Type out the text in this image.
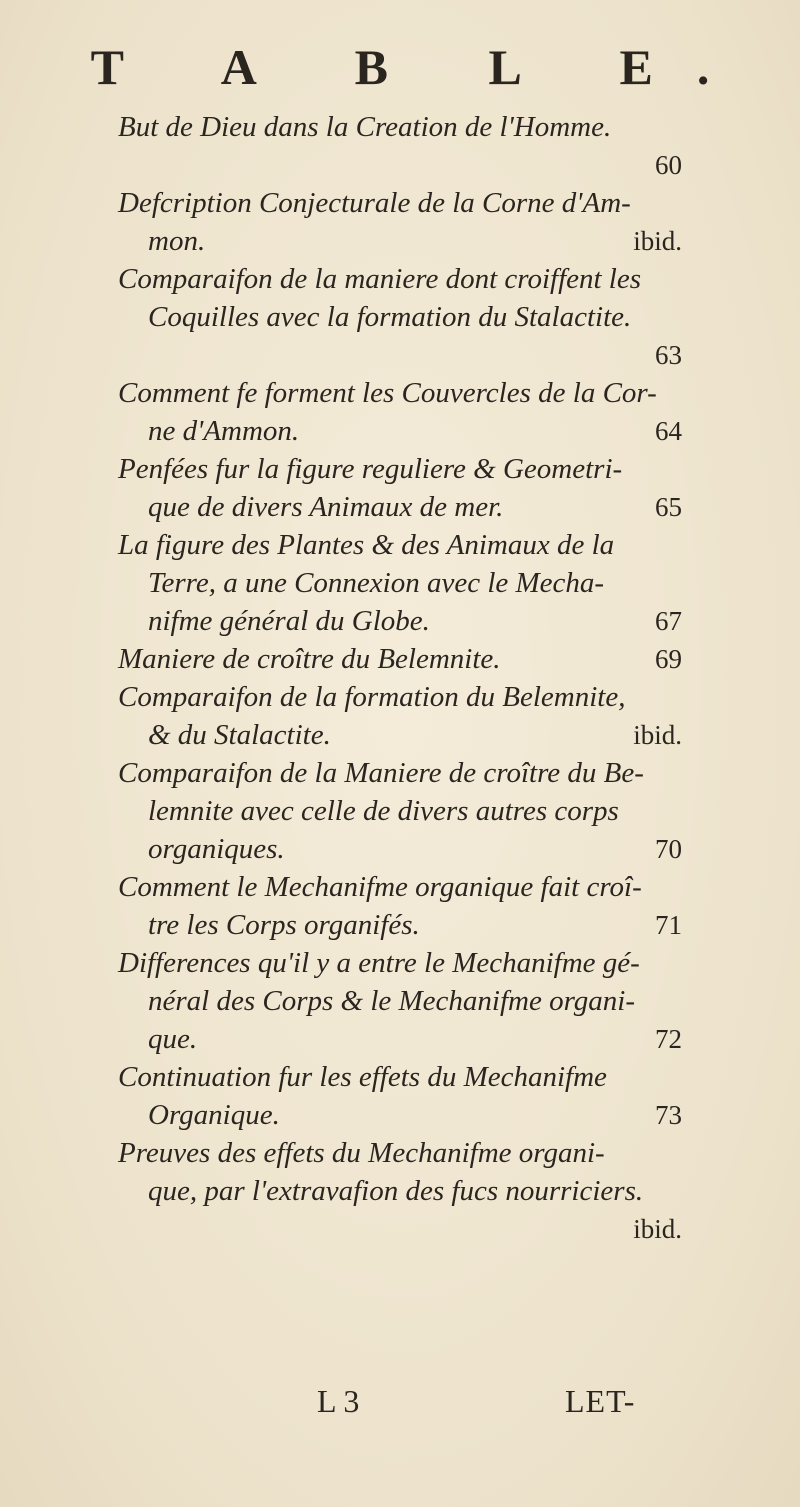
T A B L E.
But de Dieu dans la Creation de l'Homme.
60
Defcription Conjecturale de la Corne d'Am-
mon.	ibid.
Comparaifon de la maniere dont croiffent les
Coquilles avec la formation du Stalactite.
63
Comment fe forment les Couvercles de la Cor-
ne d'Ammon.	64
Penfées fur la figure reguliere & Geometri-
que de divers Animaux de mer.	65
La figure des Plantes & des Animaux de la
Terre, a une Connexion avec le Mecha-
nifme général du Globe.	67
Maniere de croître du Belemnite.	69
Comparaifon de la formation du Belemnite,
& du Stalactite.	ibid.
Comparaifon de la Maniere de croître du Be-
lemnite avec celle de divers autres corps
organiques.	70
Comment le Mechanifme organique fait croî-
tre les Corps organifés.	71
Differences qu'il y a entre le Mechanifme gé-
néral des Corps & le Mechanifme organi-
que.	72
Continuation fur les effets du Mechanifme
Organique.	73
Preuves des effets du Mechanifme organi-
que, par l'extravafion des fucs nourriciers.
ibid.
L 3	LET-
